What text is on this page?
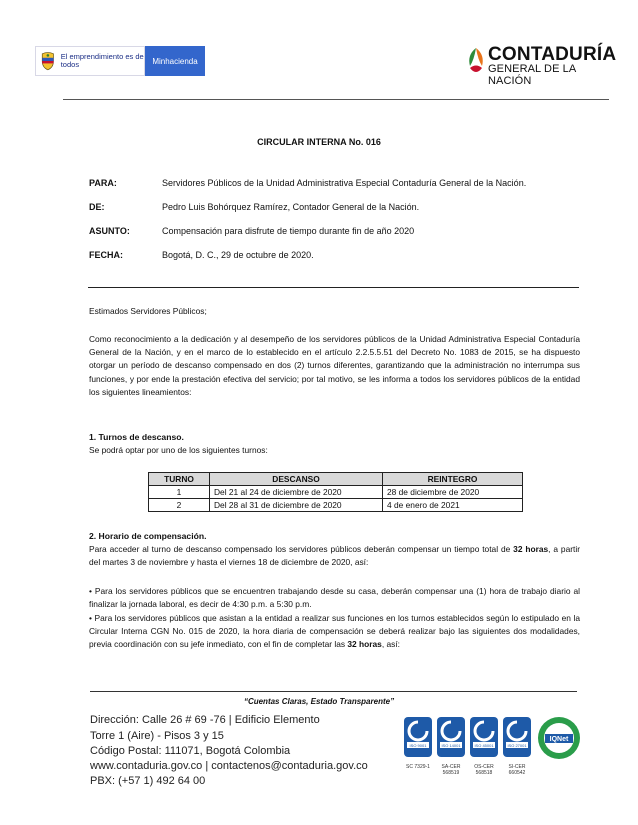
El emprendimiento es de todos	Minhacienda	CONTADURÍA
GENERAL DE LA NACIÓN
CIRCULAR INTERNA No. 016
PARA:	Servidores Públicos de la Unidad Administrativa Especial Contaduría General de la Nación.
DE:	Pedro Luis Bohórquez Ramírez, Contador General de la Nación.
ASUNTO:	Compensación para disfrute de tiempo durante fin de año 2020
FECHA:	Bogotá, D. C., 29 de octubre de 2020.
Estimados Servidores Públicos;
Como reconocimiento a la dedicación y al desempeño de los servidores públicos de la Unidad Administrativa Especial Contaduría General de la Nación, y en el marco de lo establecido en el artículo 2.2.5.5.51 del Decreto No. 1083 de 2015, se ha dispuesto otorgar un período de descanso compensado en dos (2) turnos diferentes, garantizando que la administración no interrumpa sus funciones, y por ende la prestación efectiva del servicio; por tal motivo, se les informa a todos los servidores públicos de la entidad los siguientes lineamientos:
1. Turnos de descanso.
Se podrá optar por uno de los siguientes turnos:
TURNO	DESCANSO	REINTEGRO
1	Del 21 al 24 de diciembre de 2020	28 de diciembre de 2020
2	Del 28 al 31 de diciembre de 2020	4 de enero de 2021
2. Horario de compensación.
Para acceder al turno de descanso compensado los servidores públicos deberán compensar un tiempo total de 32 horas, a partir del martes 3 de noviembre y hasta el viernes 18 de diciembre de 2020, así:
• Para los servidores públicos que se encuentren trabajando desde su casa, deberán compensar una (1) hora de trabajo diario al finalizar la jornada laboral, es decir de 4:30 p.m. a 5:30 p.m.
• Para los servidores públicos que asistan a la entidad a realizar sus funciones en los turnos establecidos según lo estipulado en la Circular Interna CGN No. 015 de 2020, la hora diaria de compensación se deberá realizar bajo las siguientes dos modalidades, previa coordinación con su jefe inmediato, con el fin de completar las 32 horas, así:
“Cuentas Claras, Estado Transparente”
Dirección: Calle 26 # 69 -76 | Edificio Elemento
Torre 1 (Aire) - Pisos 3 y 15
Código Postal: 111071, Bogotá Colombia
www.contaduria.gov.co | contactenos@contaduria.gov.co
PBX: (+57 1) 492 64 00
ISO 9001
SC 7329-1
ISO 14001
SA-CER 568519
ISO 45001
OS-CER 568518
ISO 27001
SI-CER 660542
IQNet
